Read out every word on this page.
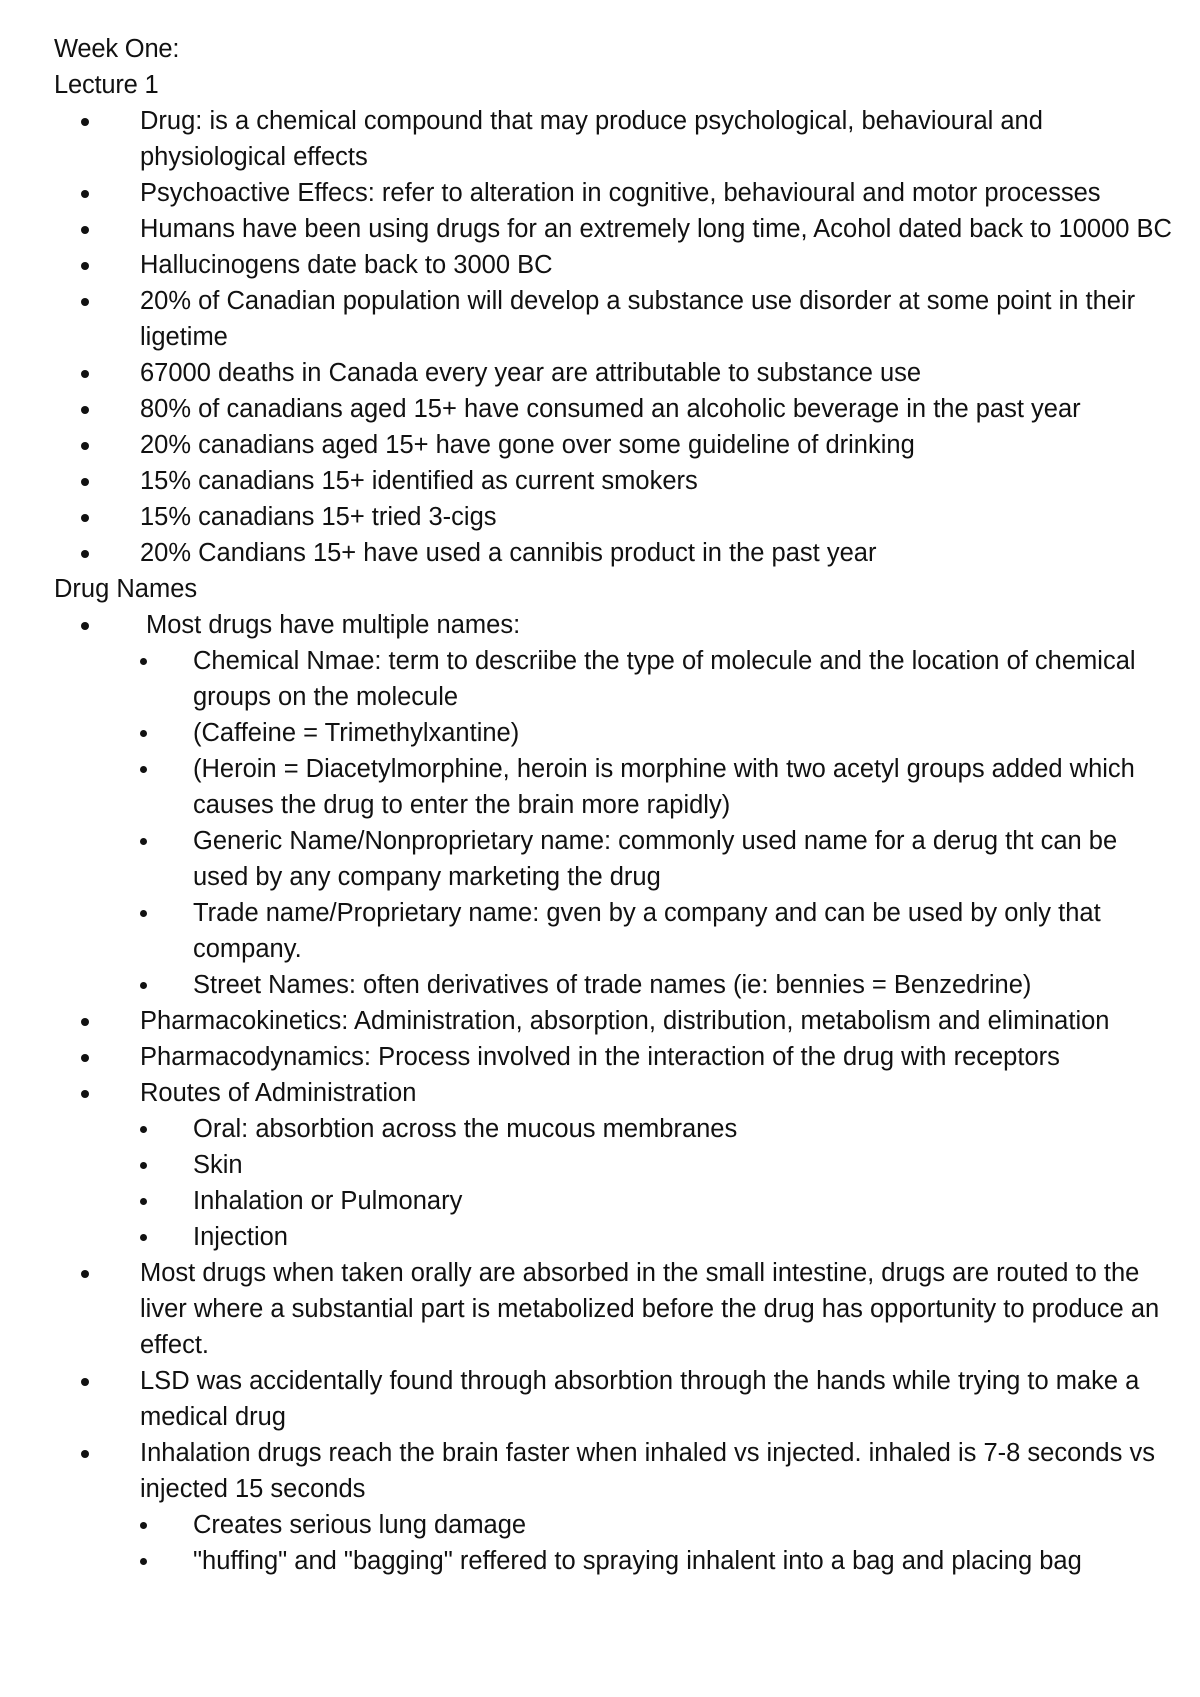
Week One:

Lecture 1

Drug: is a chemical compound that may produce psychological, behavioural and physiological effects
Psychoactive Effecs: refer to alteration in cognitive, behavioural and motor processes
Humans have been using drugs for an extremely long time, Acohol dated back to 10000 BC
Hallucinogens date back to 3000 BC
20% of Canadian population will develop a substance use disorder at some point in their ligetime
67000 deaths in Canada every year are attributable to substance use
80% of canadians aged 15+ have consumed an alcoholic beverage in the past year
20% canadians aged 15+ have gone over some guideline of drinking
15% canadians 15+ identified as current smokers
15% canadians 15+ tried 3-cigs
20% Candians 15+ have used a cannibis product in the past year

Drug Names

Most drugs have multiple names:
Chemical Nmae: term to descriibe the type of molecule and the location of chemical groups on the molecule
(Caffeine = Trimethylxantine)
(Heroin = Diacetylmorphine, heroin is morphine with two acetyl groups added which causes the drug to enter the brain more rapidly)
Generic Name/Nonproprietary name: commonly used name for a derug tht can be used by any company marketing the drug
Trade name/Proprietary name: gven by a company and can be used by only that company.
Street Names: often derivatives of trade names (ie: bennies = Benzedrine)
Pharmacokinetics: Administration, absorption, distribution, metabolism and elimination
Pharmacodynamics: Process involved in the interaction of the drug with receptors
Routes of Administration
Oral: absorbtion across the mucous membranes
Skin
Inhalation or Pulmonary
Injection
Most drugs when taken orally are absorbed in the small intestine, drugs are routed to the liver where a substantial part is metabolized before the drug has opportunity to produce an effect.
LSD was accidentally found through absorbtion through the hands while trying to make a medical drug
Inhalation drugs reach the brain faster when inhaled vs injected. inhaled is 7-8 seconds vs injected 15 seconds
Creates serious lung damage
"huffing" and "bagging" reffered to spraying inhalent into a bag and placing bag
